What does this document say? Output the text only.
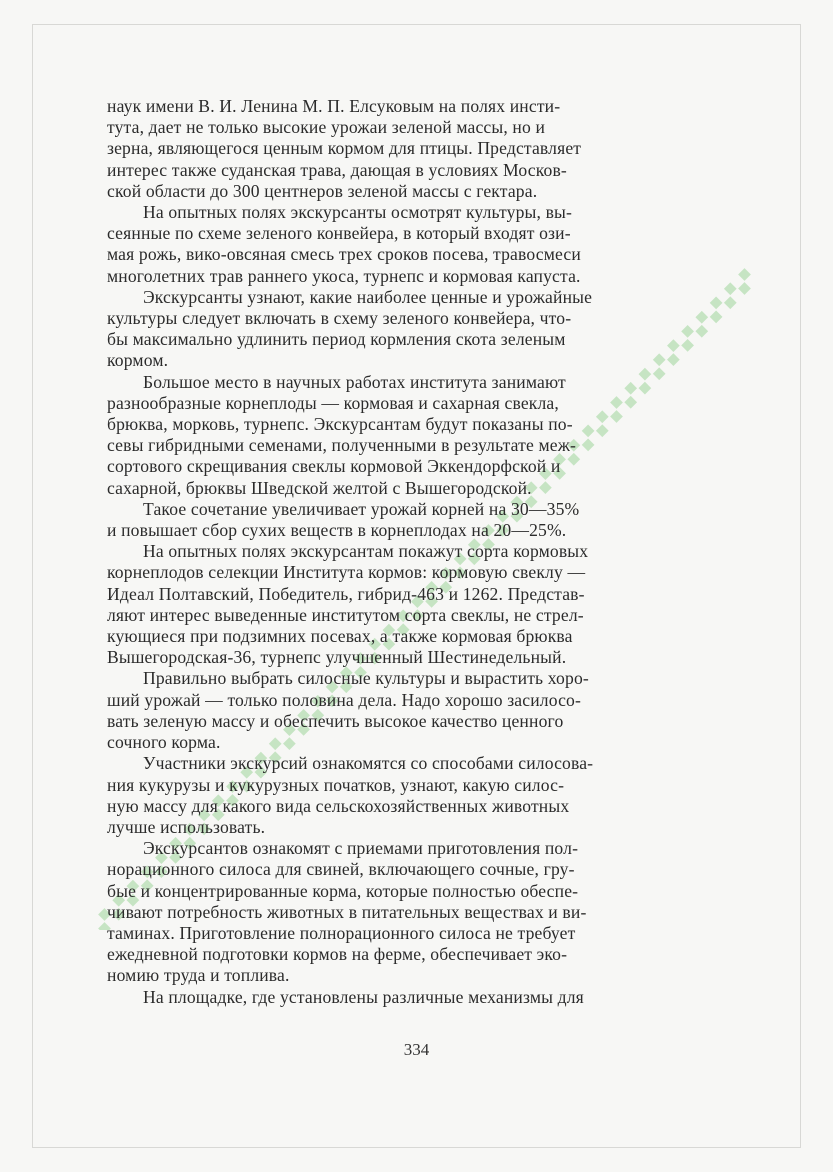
наук имени В. И. Ленина М. П. Елсуковым на полях инсти-
тута, дает не только высокие урожаи зеленой массы, но и
зерна, являющегося ценным кормом для птицы. Представляет
интерес также суданская трава, дающая в условиях Москов-
ской области до 300 центнеров зеленой массы с гектара.
На опытных полях экскурсанты осмотрят культуры, вы-
сеянные по схеме зеленого конвейера, в который входят ози-
мая рожь, вико-овсяная смесь трех сроков посева, травосмеси
многолетних трав раннего укоса, турнепс и кормовая капуста.
Экскурсанты узнают, какие наиболее ценные и урожайные
культуры следует включать в схему зеленого конвейера, что-
бы максимально удлинить период кормления скота зеленым
кормом.
Большое место в научных работах института занимают
разнообразные корнеплоды — кормовая и сахарная свекла,
брюква, морковь, турнепс. Экскурсантам будут показаны по-
севы гибридными семенами, полученными в результате меж-
сортового скрещивания свеклы кормовой Эккендорфской и
сахарной, брюквы Шведской желтой с Вышегородской.
Такое сочетание увеличивает урожай корней на 30—35%
и повышает сбор сухих веществ в корнеплодах на 20—25%.
На опытных полях экскурсантам покажут сорта кормовых
корнеплодов селекции Института кормов: кормовую свеклу —
Идеал Полтавский, Победитель, гибрид-463 и 1262. Представ-
ляют интерес выведенные институтом сорта свеклы, не стрел-
кующиеся при подзимних посевах, а также кормовая брюква
Вышегородская-36, турнепс улучшенный Шестинедельный.
Правильно выбрать силосные культуры и вырастить хоро-
ший урожай — только половина дела. Надо хорошо засилосо-
вать зеленую массу и обеспечить высокое качество ценного
сочного корма.
Участники экскурсий ознакомятся со способами силосова-
ния кукурузы и кукурузных початков, узнают, какую силос-
ную массу для какого вида сельскохозяйственных животных
лучше использовать.
Экскурсантов ознакомят с приемами приготовления пол-
норационного силоса для свиней, включающего сочные, гру-
бые и концентрированные корма, которые полностью обеспе-
чивают потребность животных в питательных веществах и ви-
таминах. Приготовление полнорационного силоса не требует
ежедневной подготовки кормов на ферме, обеспечивает эко-
номию труда и топлива.
На площадке, где установлены различные механизмы для
334
